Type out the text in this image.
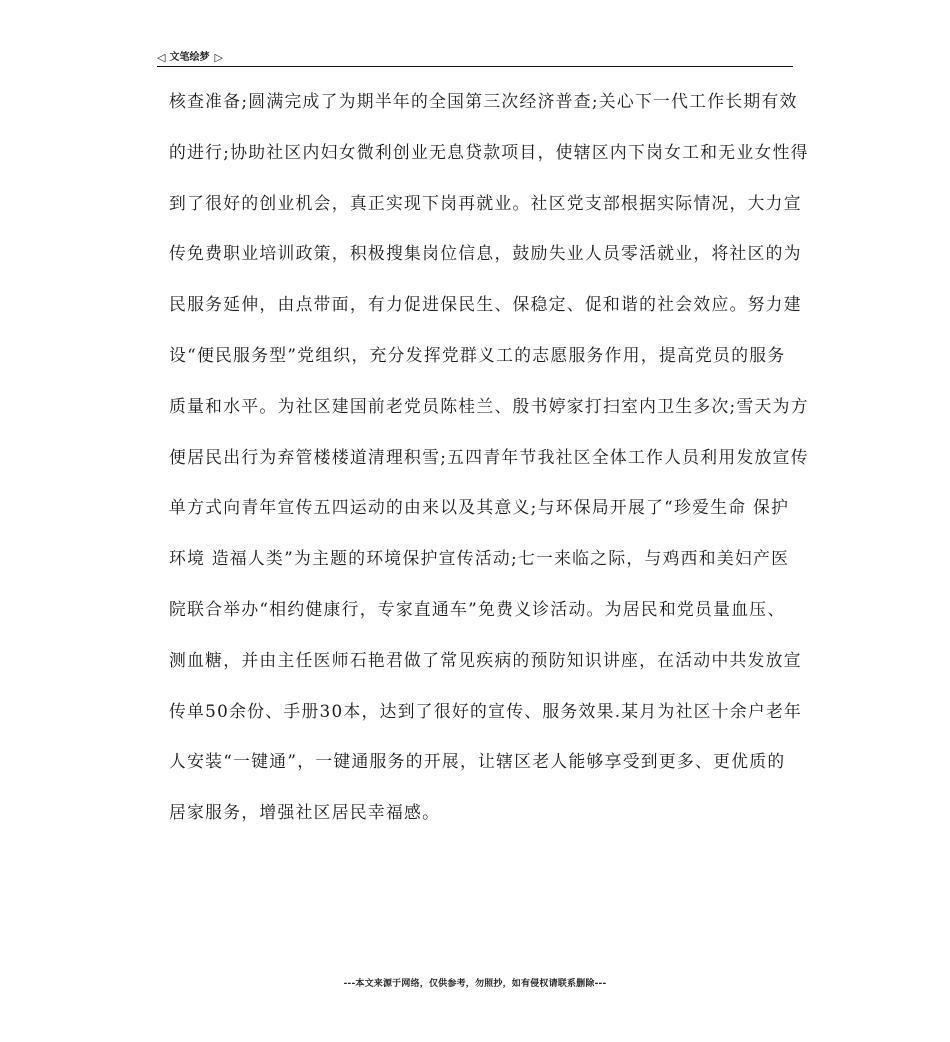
◁ 文笔绘梦 ▷
核查准备;圆满完成了为期半年的全国第三次经济普查;关心下一代工作长期有效
的进行;协助社区内妇女微利创业无息贷款项目，使辖区内下岗女工和无业女性得
到了很好的创业机会，真正实现下岗再就业。社区党支部根据实际情况，大力宣
传免费职业培训政策，积极搜集岗位信息，鼓励失业人员零活就业，将社区的为
民服务延伸，由点带面，有力促进保民生、保稳定、促和谐的社会效应。努力建
设“便民服务型”党组织，充分发挥党群义工的志愿服务作用，提高党员的服务
质量和水平。为社区建国前老党员陈桂兰、殷书婷家打扫室内卫生多次;雪天为方
便居民出行为弃管楼楼道清理积雪;五四青年节我社区全体工作人员利用发放宣传
单方式向青年宣传五四运动的由来以及其意义;与环保局开展了“珍爱生命 保护
环境 造福人类”为主题的环境保护宣传活动;七一来临之际，与鸡西和美妇产医
院联合举办“相约健康行，专家直通车”免费义诊活动。为居民和党员量血压、
测血糖，并由主任医师石艳君做了常见疾病的预防知识讲座，在活动中共发放宣
传单50余份、手册30本，达到了很好的宣传、服务效果.某月为社区十余户老年
人安装“一键通”，一键通服务的开展，让辖区老人能够享受到更多、更优质的
居家服务，增强社区居民幸福感。
---本文来源于网络，仅供参考，勿照抄，如有侵权请联系删除---
